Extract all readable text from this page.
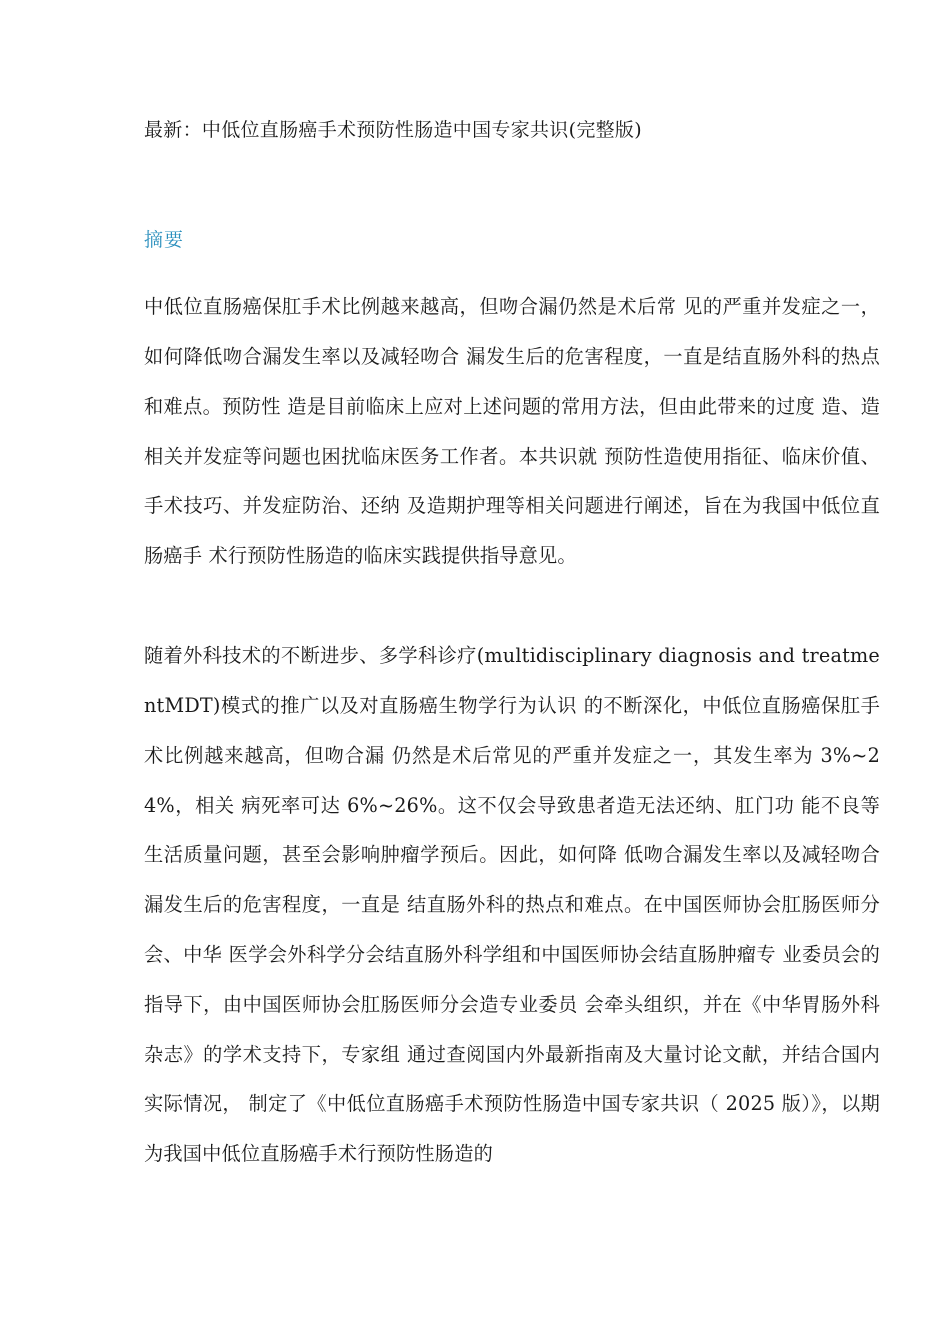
最新：中低位直肠癌手术预防性肠造中国专家共识(完整版)
摘要

中低位直肠癌保肛手术比例越来越高，但吻合漏仍然是术后常 见的严重并发症之一，如何降低吻合漏发生率以及减轻吻合 漏发生后的危害程度，一直是结直肠外科的热点和难点。预防性 造是目前临床上应对上述问题的常用方法，但由此带来的过度 造、造相关并发症等问题也困扰临床医务工作者。本共识就 预防性造使用指征、临床价值、手术技巧、并发症防治、还纳 及造期护理等相关问题进行阐述，旨在为我国中低位直肠癌手 术行预防性肠造的临床实践提供指导意见。

随着外科技术的不断进步、多学科诊疗(multidisciplinary diagnosis and treatmentMDT)模式的推广以及对直肠癌生物学行为认识 的不断深化，中低位直肠癌保肛手术比例越来越高，但吻合漏 仍然是术后常见的严重并发症之一，其发生率为 3%~24%，相关 病死率可达 6%~26%。这不仅会导致患者造无法还纳、肛门功 能不良等生活质量问题，甚至会影响肿瘤学预后。因此，如何降 低吻合漏发生率以及减轻吻合漏发生后的危害程度，一直是 结直肠外科的热点和难点。在中国医师协会肛肠医师分会、中华 医学会外科学分会结直肠外科学组和中国医师协会结直肠肿瘤专 业委员会的指导下，由中国医师协会肛肠医师分会造专业委员 会牵头组织，并在《中华胃肠外科杂志》的学术支持下，专家组 通过查阅国内外最新指南及大量讨论文献，并结合国内实际情况， 制定了《中低位直肠癌手术预防性肠造中国专家共识（ 2025 版）》，以期为我国中低位直肠癌手术行预防性肠造的
